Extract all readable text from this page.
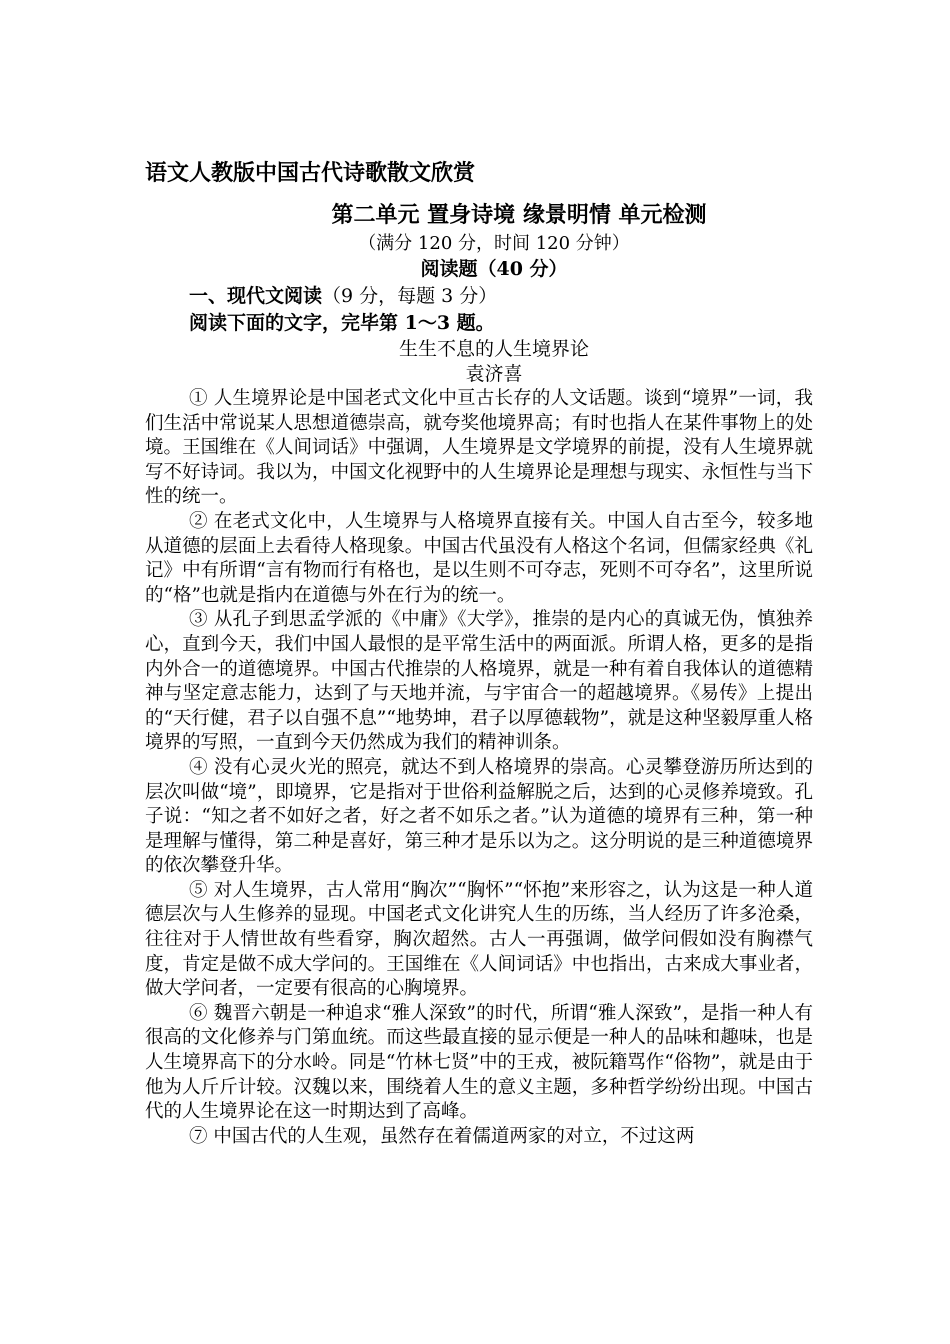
语文人教版中国古代诗歌散文欣赏
第二单元 置身诗境 缘景明情 单元检测
（满分 120 分，时间 120 分钟）
阅读题（40 分）
一、现代文阅读（9 分，每题 3 分）
阅读下面的文字，完毕第 1～3 题。
生生不息的人生境界论
袁济喜

① 人生境界论是中国老式文化中亘古长存的人文话题。谈到“境界”一词，我们生活中常说某人思想道德崇高，就夸奖他境界高；有时也指人在某件事物上的处境。王国维在《人间词话》中强调，人生境界是文学境界的前提，没有人生境界就写不好诗词。我以为，中国文化视野中的人生境界论是理想与现实、永恒性与当下性的统一。

② 在老式文化中，人生境界与人格境界直接有关。中国人自古至今，较多地从道德的层面上去看待人格现象。中国古代虽没有人格这个名词，但儒家经典《礼记》中有所谓“言有物而行有格也，是以生则不可夺志，死则不可夺名”，这里所说的“格”也就是指内在道德与外在行为的统一。

③ 从孔子到思孟学派的《中庸》《大学》，推崇的是内心的真诚无伪，慎独养心，直到今天，我们中国人最恨的是平常生活中的两面派。所谓人格，更多的是指内外合一的道德境界。中国古代推崇的人格境界，就是一种有着自我体认的道德精神与坚定意志能力，达到了与天地并流，与宇宙合一的超越境界。《易传》上提出的“天行健，君子以自强不息”“地势坤，君子以厚德载物”，就是这种坚毅厚重人格境界的写照，一直到今天仍然成为我们的精神训条。

④ 没有心灵火光的照亮，就达不到人格境界的崇高。心灵攀登游历所达到的层次叫做“境”，即境界，它是指对于世俗利益解脱之后，达到的心灵修养境致。孔子说：“知之者不如好之者，好之者不如乐之者。”认为道德的境界有三种，第一种是理解与懂得，第二种是喜好，第三种才是乐以为之。这分明说的是三种道德境界的依次攀登升华。

⑤ 对人生境界，古人常用“胸次”“胸怀”“怀抱”来形容之，认为这是一种人道德层次与人生修养的显现。中国老式文化讲究人生的历练，当人经历了许多沧桑，往往对于人情世故有些看穿，胸次超然。古人一再强调，做学问假如没有胸襟气度，肯定是做不成大学问的。王国维在《人间词话》中也指出，古来成大事业者，做大学问者，一定要有很高的心胸境界。

⑥ 魏晋六朝是一种追求“雅人深致”的时代，所谓“雅人深致”，是指一种人有很高的文化修养与门第血统。而这些最直接的显示便是一种人的品味和趣味，也是人生境界高下的分水岭。同是“竹林七贤”中的王戎，被阮籍骂作“俗物”，就是由于他为人斤斤计较。汉魏以来，围绕着人生的意义主题，多种哲学纷纷出现。中国古代的人生境界论在这一时期达到了高峰。

⑦ 中国古代的人生观，虽然存在着儒道两家的对立，不过这两
